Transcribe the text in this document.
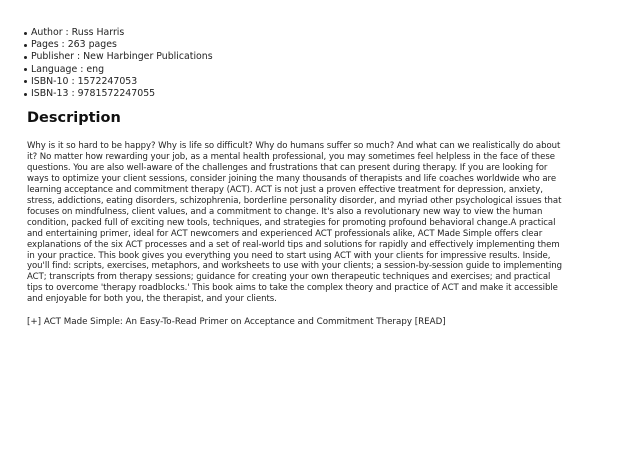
Author : Russ Harris
Pages : 263 pages
Publisher : New Harbinger Publications
Language : eng
ISBN-10 : 1572247053
ISBN-13 : 9781572247055
Description

Why is it so hard to be happy? Why is life so difficult? Why do humans suffer so much? And what can we realistically do about
it? No matter how rewarding your job, as a mental health professional, you may sometimes feel helpless in the face of these
questions. You are also well-aware of the challenges and frustrations that can present during therapy. If you are looking for
ways to optimize your client sessions, consider joining the many thousands of therapists and life coaches worldwide who are
learning acceptance and commitment therapy (ACT). ACT is not just a proven effective treatment for depression, anxiety,
stress, addictions, eating disorders, schizophrenia, borderline personality disorder, and myriad other psychological issues that
focuses on mindfulness, client values, and a commitment to change. It's also a revolutionary new way to view the human
condition, packed full of exciting new tools, techniques, and strategies for promoting profound behavioral change.A practical
and entertaining primer, ideal for ACT newcomers and experienced ACT professionals alike, ACT Made Simple offers clear
explanations of the six ACT processes and a set of real-world tips and solutions for rapidly and effectively implementing them
in your practice. This book gives you everything you need to start using ACT with your clients for impressive results. Inside,
you'll find: scripts, exercises, metaphors, and worksheets to use with your clients; a session-by-session guide to implementing
ACT; transcripts from therapy sessions; guidance for creating your own therapeutic techniques and exercises; and practical
tips to overcome 'therapy roadblocks.' This book aims to take the complex theory and practice of ACT and make it accessible
and enjoyable for both you, the therapist, and your clients.

[+] ACT Made Simple: An Easy-To-Read Primer on Acceptance and Commitment Therapy [READ]
